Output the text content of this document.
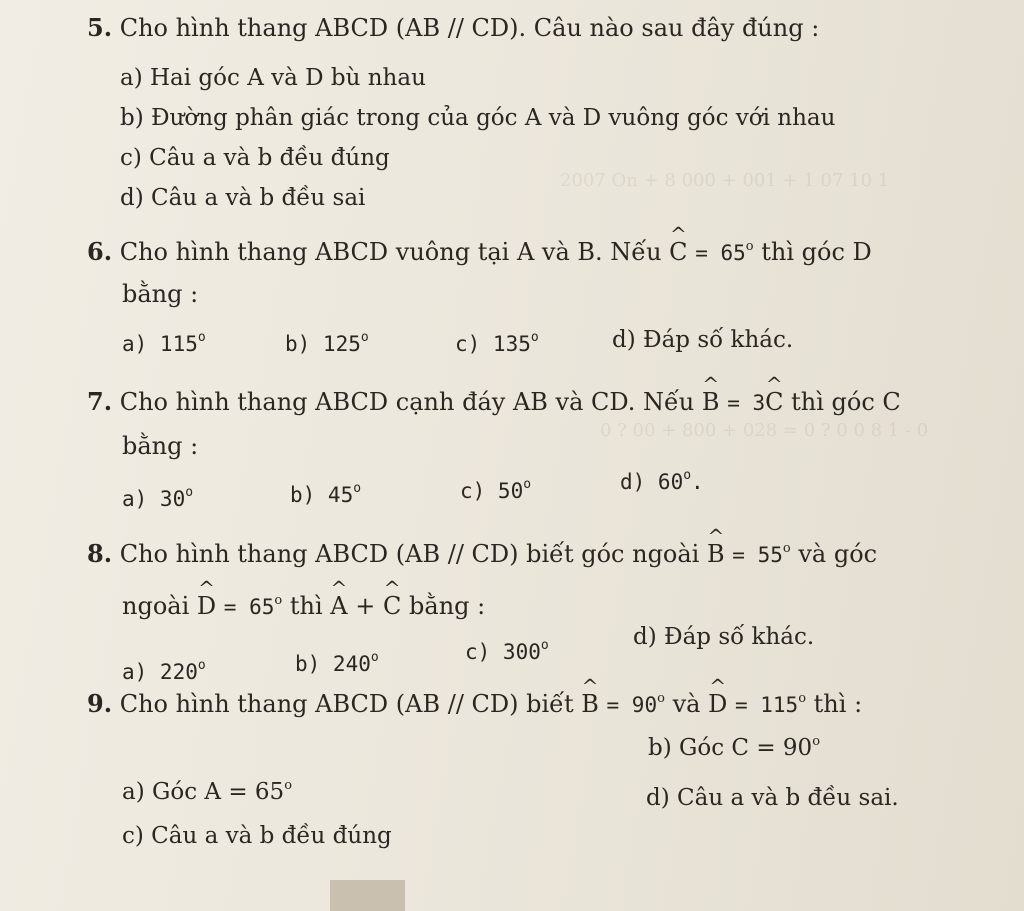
2007 On + 8 000 + 001 + 1 07 10 1
0 ? 00 + 800 + 028 = 0 ? 0 0 8 1 - 0
5. Cho hình thang ABCD (AB // CD). Câu nào sau đây đúng :
a) Hai góc A và D bù nhau
b) Đường phân giác trong của góc A và D vuông góc với nhau
c) Câu a và b đều đúng
d) Câu a và b đều sai
6. Cho hình thang ABCD vuông tại A và B. Nếu ^ $C = 65^o$ thì góc D
bằng :
a) 115$^o$	b) 125$^o$	c) 135$^o$	d) Đáp số khác.
7. Cho hình thang ABCD cạnh đáy AB và CD. Nếu ^ B = 3^ C thì góc C
bằng :
a) 30$^o$	b) 45$^o$	c) 50$^o$	d) 60$^o$.
8. Cho hình thang ABCD (AB // CD) biết góc ngoài ^ $B = 55^o$ và góc
ngoài ^ $D = 65^o$ thì ^ A + ^ C bằng :
a) 220$^o$	b) 240$^o$	c) 300$^o$	d) Đáp số khác.
9. Cho hình thang ABCD (AB // CD) biết ^ $B = 90^o$ và ^ $D = 115^o$ thì :
b) Góc $C = 90^o$
a) Góc $A = 65^o$	d) Câu a và b đều sai.
c) Câu a và b đều đúng
